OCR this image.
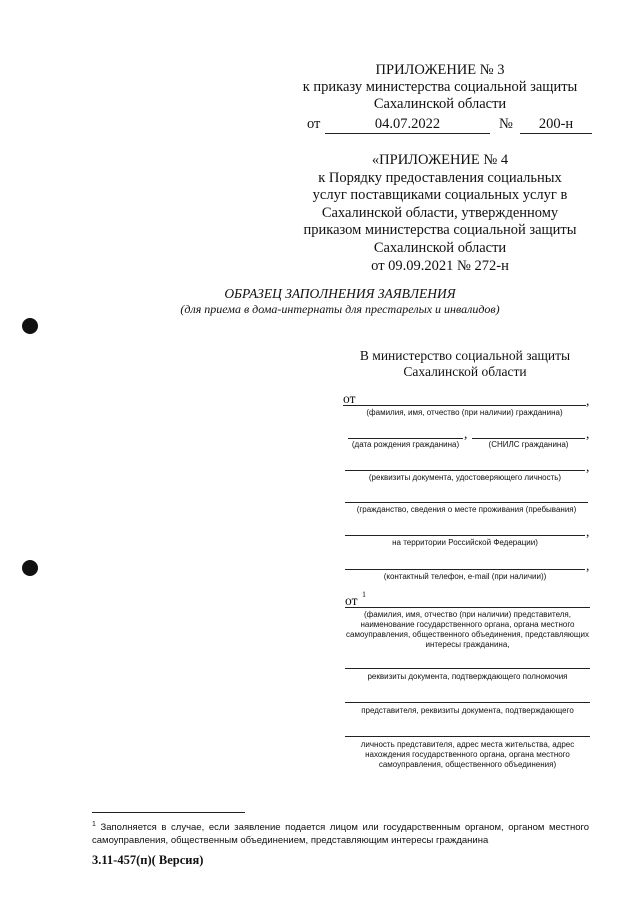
ПРИЛОЖЕНИЕ № 3
к приказу министерства социальной защиты
Сахалинской области
от	04.07.2022	№	200-н
«ПРИЛОЖЕНИЕ № 4
к Порядку предоставления социальных
услуг поставщиками социальных услуг в
Сахалинской области, утвержденному
приказом министерства социальной защиты
Сахалинской области
от 09.09.2021 № 272-н
ОБРАЗЕЦ ЗАПОЛНЕНИЯ ЗАЯВЛЕНИЯ
(для приема в дома-интернаты для престарелых и инвалидов)
В министерство социальной защиты
Сахалинской области
от	,
(фамилия, имя, отчество (при наличии) гражданина)
,	,
(дата рождения гражданина)	(СНИЛС гражданина)
,
(реквизиты документа, удостоверяющего личность)
(гражданство, сведения о месте проживания (пребывания)
,
на территории Российской Федерации)
,
(контактный телефон, e-mail (при наличии))
от 1
(фамилия, имя, отчество (при наличии) представителя, наименование государственного органа, органа местного самоуправления, общественного объединения, представляющих интересы гражданина,
реквизиты документа, подтверждающего полномочия
представителя, реквизиты документа, подтверждающего
личность представителя, адрес места жительства, адрес нахождения государственного органа, органа местного самоуправления, общественного объединения)
$^1$ Заполняется в случае, если заявление подается лицом или государственным органом, органом местного самоуправления, общественным объединением, представляющим интересы гражданина
3.11-457(п)( Версия)
